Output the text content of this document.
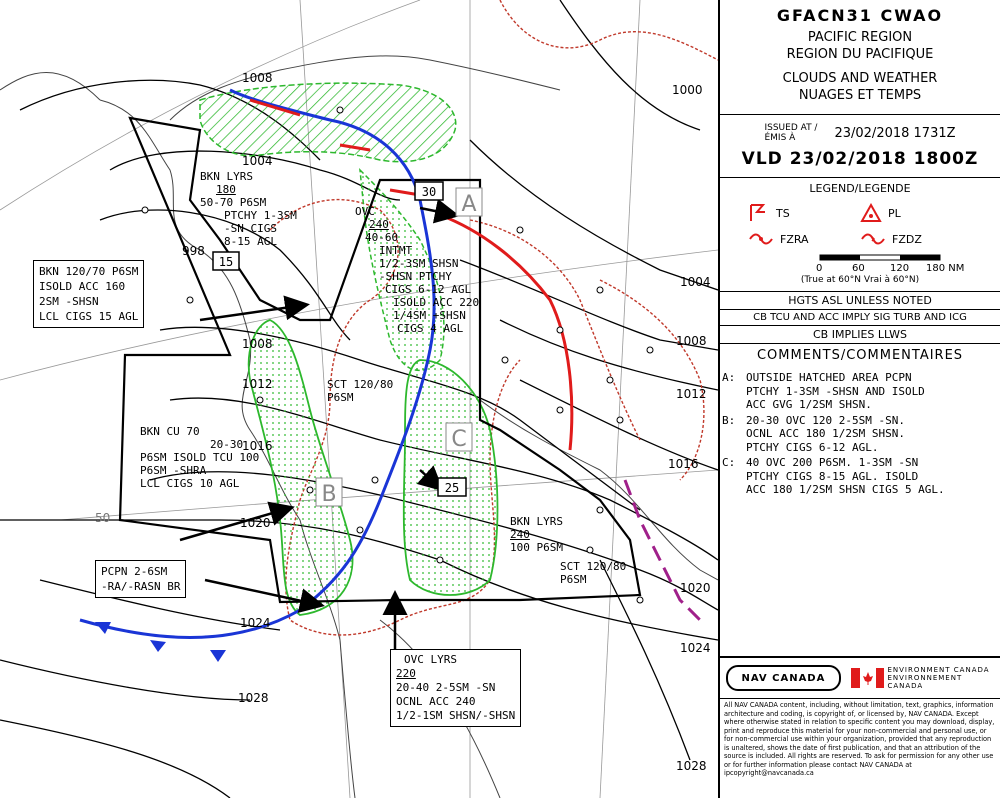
A
B
C
30
15
25
1008
1004
998
1008
1012
1016
1020
1024
1028
1000
1004
1008
1012
1016
1020
1024
1028
50
BKN LYRS
180
50-70 P6SM
PTCHY 1-3SM
-SN CIGS
8-15 AGL
OVC
240
40-60
INTMT
1/2-3SM SHSN
-SHSN PTCHY
CIGS 6-12 AGL
ISOLD ACC 220
1/4SM +SHSN
CIGS 4 AGL
SCT 120/80
P6SM
BKN CU 70
20-30
P6SM ISOLD TCU 100
P6SM -SHRA
LCL CIGS 10 AGL
BKN LYRS
240
100 P6SM
SCT 120/80
P6SM
BKN 120/70 P6SM
ISOLD ACC 160
2SM -SHSN
LCL CIGS 15 AGL
PCPN 2-6SM
-RA/-RASN BR
OVC LYRS
220
20-40 2-5SM -SN
OCNL ACC 240
1/2-1SM SHSN/-SHSN
GFACN31 CWAO
PACIFIC REGION
REGION DU PACIFIQUE
CLOUDS AND WEATHER
NUAGES ET TEMPS
ISSUED AT / ÉMIS À	23/02/2018 1731Z
VLD 23/02/2018 1800Z
LEGEND/LEGENDE
TS	PL
FZRA	FZDZ
0	60	120 180 NM
(True at 60°N Vrai à 60°N)
HGTS ASL UNLESS NOTED
CB TCU AND ACC IMPLY SIG TURB AND ICG
CB IMPLIES LLWS
COMMENTS/COMMENTAIRES
A: OUTSIDE HATCHED AREA PCPN
PTCHY 1-3SM -SHSN AND ISOLD
ACC GVG 1/2SM SHSN.
B: 20-30 OVC 120 2-5SM -SN.
OCNL ACC 180 1/2SM SHSN.
PTCHY CIGS 6-12 AGL.
C: 40 OVC 200 P6SM. 1-3SM -SN
PTCHY CIGS 8-15 AGL. ISOLD
ACC 180 1/2SM SHSN CIGS 5 AGL.
NAV CANADA
ENVIRONMENT CANADA
ENVIRONNEMENT CANADA
All NAV CANADA content, including, without limitation, text, graphics, information architecture and coding, is copyright of, or licensed by, NAV CANADA. Except where otherwise stated in relation to specific content you may download, display, print and reproduce this material for your non-commercial and personal use, or for non-commercial use within your organization, provided that any reproduction is unaltered, shows the date of first publication, and that an attribution of the source is included. All rights are reserved. To ask for permission for any other use or for further information please contact NAV CANADA at ipcopyright@navcanada.ca
